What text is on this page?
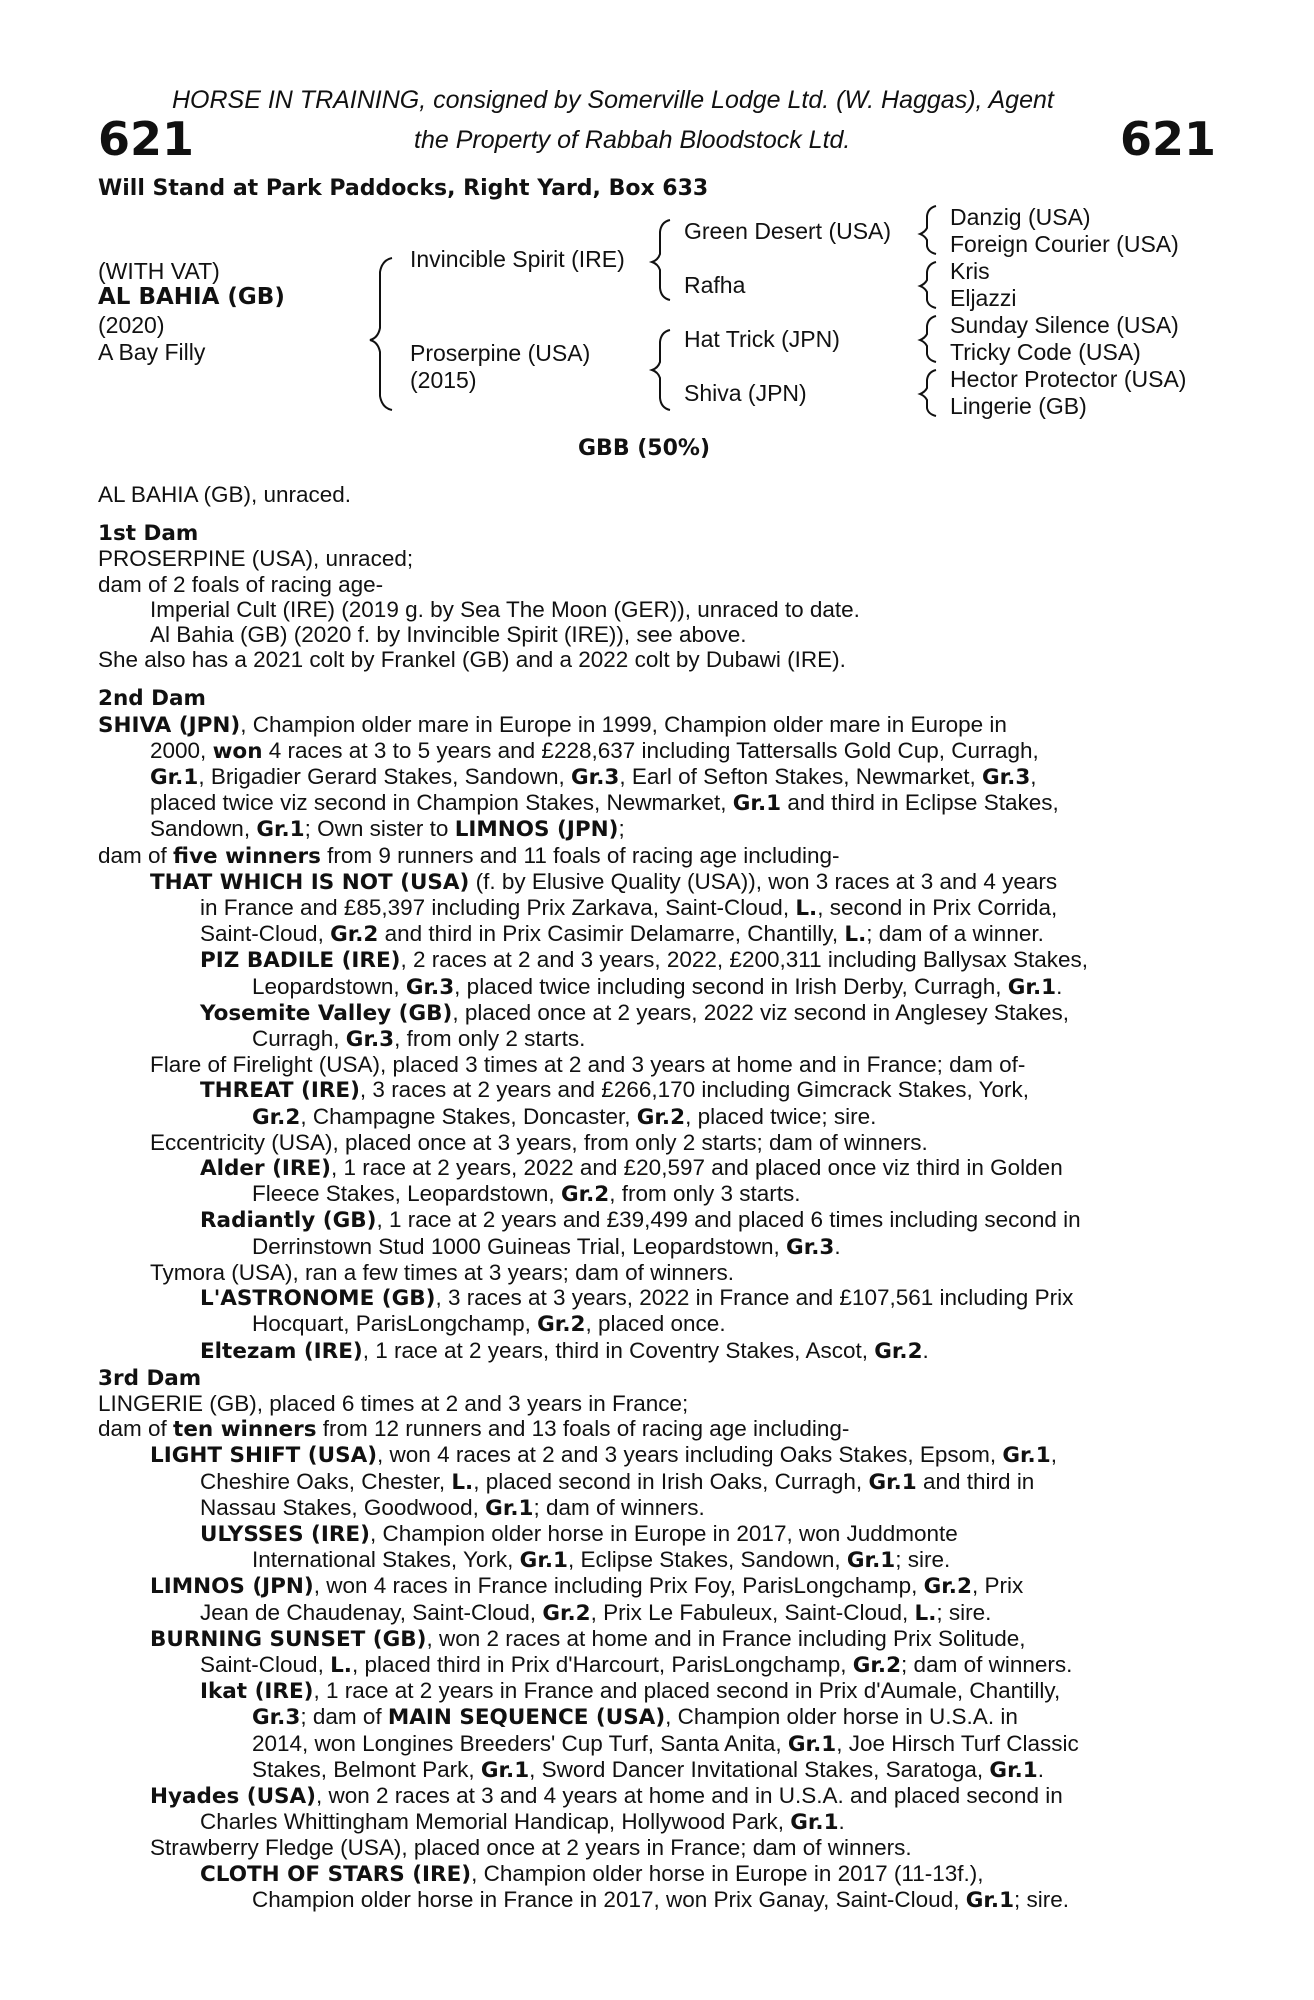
HORSE IN TRAINING, consigned by Somerville Lodge Ltd. (W. Haggas), Agent
the Property of Rabbah Bloodstock Ltd.
621	621
Will Stand at Park Paddocks, Right Yard, Box 633
(WITH VAT)
AL BAHIA (GB)
(2020)
A Bay Filly
Invincible Spirit (IRE)
Proserpine (USA)
(2015)
Green Desert (USA)
Rafha
Hat Trick (JPN)
Shiva (JPN)
Danzig (USA)
Foreign Courier (USA)
Kris
Eljazzi
Sunday Silence (USA)
Tricky Code (USA)
Hector Protector (USA)
Lingerie (GB)
GBB (50%)
AL BAHIA (GB), unraced.
1st Dam
PROSERPINE (USA), unraced;
dam of 2 foals of racing age-
Imperial Cult (IRE) (2019 g. by Sea The Moon (GER)), unraced to date.
Al Bahia (GB) (2020 f. by Invincible Spirit (IRE)), see above.
She also has a 2021 colt by Frankel (GB) and a 2022 colt by Dubawi (IRE).
2nd Dam
SHIVA (JPN), Champion older mare in Europe in 1999, Champion older mare in Europe in
2000, won 4 races at 3 to 5 years and £228,637 including Tattersalls Gold Cup, Curragh,
Gr.1, Brigadier Gerard Stakes, Sandown, Gr.3, Earl of Sefton Stakes, Newmarket, Gr.3,
placed twice viz second in Champion Stakes, Newmarket, Gr.1 and third in Eclipse Stakes,
Sandown, Gr.1; Own sister to LIMNOS (JPN);
dam of five winners from 9 runners and 11 foals of racing age including-
THAT WHICH IS NOT (USA) (f. by Elusive Quality (USA)), won 3 races at 3 and 4 years
in France and £85,397 including Prix Zarkava, Saint-Cloud, L., second in Prix Corrida,
Saint-Cloud, Gr.2 and third in Prix Casimir Delamarre, Chantilly, L.; dam of a winner.
PIZ BADILE (IRE), 2 races at 2 and 3 years, 2022, £200,311 including Ballysax Stakes,
Leopardstown, Gr.3, placed twice including second in Irish Derby, Curragh, Gr.1.
Yosemite Valley (GB), placed once at 2 years, 2022 viz second in Anglesey Stakes,
Curragh, Gr.3, from only 2 starts.
Flare of Firelight (USA), placed 3 times at 2 and 3 years at home and in France; dam of-
THREAT (IRE), 3 races at 2 years and £266,170 including Gimcrack Stakes, York,
Gr.2, Champagne Stakes, Doncaster, Gr.2, placed twice; sire.
Eccentricity (USA), placed once at 3 years, from only 2 starts; dam of winners.
Alder (IRE), 1 race at 2 years, 2022 and £20,597 and placed once viz third in Golden
Fleece Stakes, Leopardstown, Gr.2, from only 3 starts.
Radiantly (GB), 1 race at 2 years and £39,499 and placed 6 times including second in
Derrinstown Stud 1000 Guineas Trial, Leopardstown, Gr.3.
Tymora (USA), ran a few times at 3 years; dam of winners.
L'ASTRONOME (GB), 3 races at 3 years, 2022 in France and £107,561 including Prix
Hocquart, ParisLongchamp, Gr.2, placed once.
Eltezam (IRE), 1 race at 2 years, third in Coventry Stakes, Ascot, Gr.2.
3rd Dam
LINGERIE (GB), placed 6 times at 2 and 3 years in France;
dam of ten winners from 12 runners and 13 foals of racing age including-
LIGHT SHIFT (USA), won 4 races at 2 and 3 years including Oaks Stakes, Epsom, Gr.1,
Cheshire Oaks, Chester, L., placed second in Irish Oaks, Curragh, Gr.1 and third in
Nassau Stakes, Goodwood, Gr.1; dam of winners.
ULYSSES (IRE), Champion older horse in Europe in 2017, won Juddmonte
International Stakes, York, Gr.1, Eclipse Stakes, Sandown, Gr.1; sire.
LIMNOS (JPN), won 4 races in France including Prix Foy, ParisLongchamp, Gr.2, Prix
Jean de Chaudenay, Saint-Cloud, Gr.2, Prix Le Fabuleux, Saint-Cloud, L.; sire.
BURNING SUNSET (GB), won 2 races at home and in France including Prix Solitude,
Saint-Cloud, L., placed third in Prix d'Harcourt, ParisLongchamp, Gr.2; dam of winners.
Ikat (IRE), 1 race at 2 years in France and placed second in Prix d'Aumale, Chantilly,
Gr.3; dam of MAIN SEQUENCE (USA), Champion older horse in U.S.A. in
2014, won Longines Breeders' Cup Turf, Santa Anita, Gr.1, Joe Hirsch Turf Classic
Stakes, Belmont Park, Gr.1, Sword Dancer Invitational Stakes, Saratoga, Gr.1.
Hyades (USA), won 2 races at 3 and 4 years at home and in U.S.A. and placed second in
Charles Whittingham Memorial Handicap, Hollywood Park, Gr.1.
Strawberry Fledge (USA), placed once at 2 years in France; dam of winners.
CLOTH OF STARS (IRE), Champion older horse in Europe in 2017 (11-13f.),
Champion older horse in France in 2017, won Prix Ganay, Saint-Cloud, Gr.1; sire.
